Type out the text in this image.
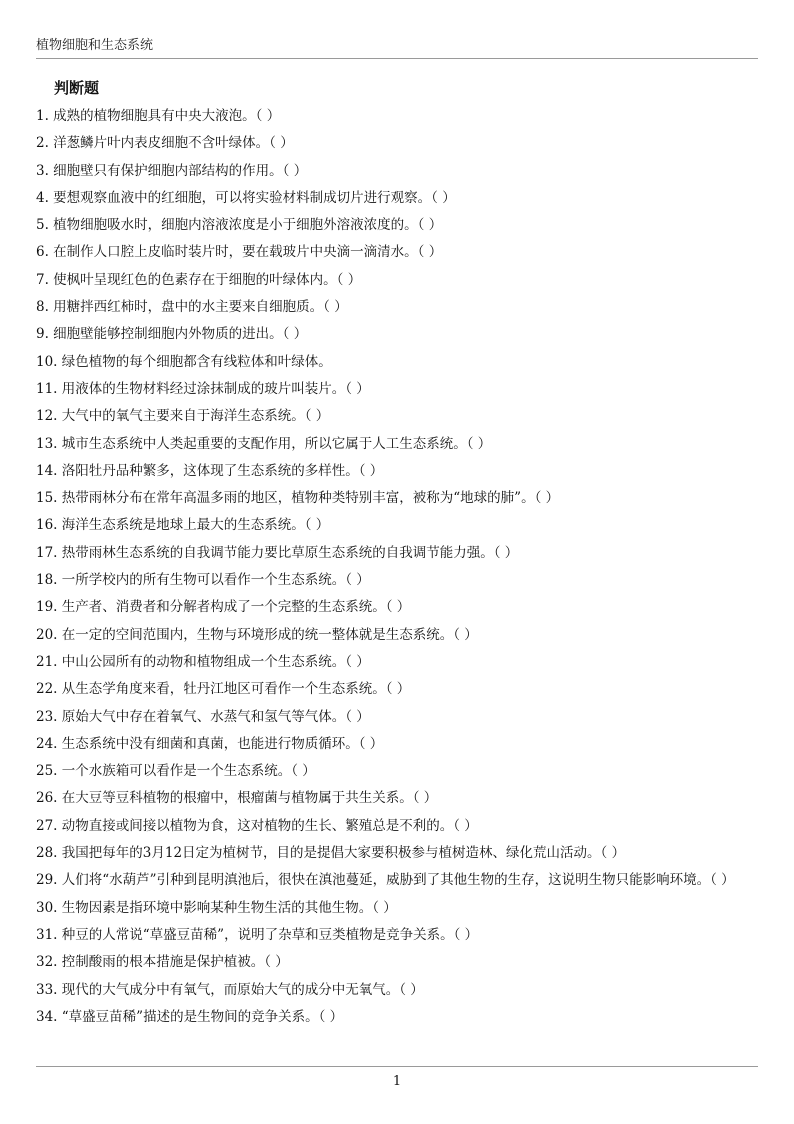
植物细胞和生态系统
判断题
1. 成熟的植物细胞具有中央大液泡。（ ）
2. 洋葱鳞片叶内表皮细胞不含叶绿体。（ ）
3. 细胞壁只有保护细胞内部结构的作用。（ ）
4. 要想观察血液中的红细胞，可以将实验材料制成切片进行观察。（ ）
5. 植物细胞吸水时，细胞内溶液浓度是小于细胞外溶液浓度的。（ ）
6. 在制作人口腔上皮临时装片时，要在载玻片中央滴一滴清水。（ ）
7. 使枫叶呈现红色的色素存在于细胞的叶绿体内。（ ）
8. 用糖拌西红柿时，盘中的水主要来自细胞质。（ ）
9. 细胞壁能够控制细胞内外物质的进出。（ ）
10. 绿色植物的每个细胞都含有线粒体和叶绿体。
11. 用液体的生物材料经过涂抹制成的玻片叫装片。（ ）
12. 大气中的氧气主要来自于海洋生态系统。（ ）
13. 城市生态系统中人类起重要的支配作用，所以它属于人工生态系统。（ ）
14. 洛阳牡丹品种繁多，这体现了生态系统的多样性。（ ）
15. 热带雨林分布在常年高温多雨的地区，植物种类特别丰富，被称为“地球的肺”。（ ）
16. 海洋生态系统是地球上最大的生态系统。（ ）
17. 热带雨林生态系统的自我调节能力要比草原生态系统的自我调节能力强。（ ）
18. 一所学校内的所有生物可以看作一个生态系统。（ ）
19. 生产者、消费者和分解者构成了一个完整的生态系统。（ ）
20. 在一定的空间范围内，生物与环境形成的统一整体就是生态系统。（ ）
21. 中山公园所有的动物和植物组成一个生态系统。（ ）
22. 从生态学角度来看，牡丹江地区可看作一个生态系统。（ ）
23. 原始大气中存在着氧气、水蒸气和氢气等气体。（ ）
24. 生态系统中没有细菌和真菌，也能进行物质循环。（ ）
25. 一个水族箱可以看作是一个生态系统。（ ）
26. 在大豆等豆科植物的根瘤中，根瘤菌与植物属于共生关系。（ ）
27. 动物直接或间接以植物为食，这对植物的生长、繁殖总是不利的。（ ）
28. 我国把每年的3月12日定为植树节，目的是提倡大家要积极参与植树造林、绿化荒山活动。（ ）
29. 人们将“水葫芦”引种到昆明滇池后，很快在滇池蔓延，威胁到了其他生物的生存，这说明生物只能影响环境。（ ）
30. 生物因素是指环境中影响某种生物生活的其他生物。（ ）
31. 种豆的人常说“草盛豆苗稀”，说明了杂草和豆类植物是竞争关系。（ ）
32. 控制酸雨的根本措施是保护植被。（ ）
33. 现代的大气成分中有氧气，而原始大气的成分中无氧气。（ ）
34. “草盛豆苗稀”描述的是生物间的竞争关系。（ ）
1
